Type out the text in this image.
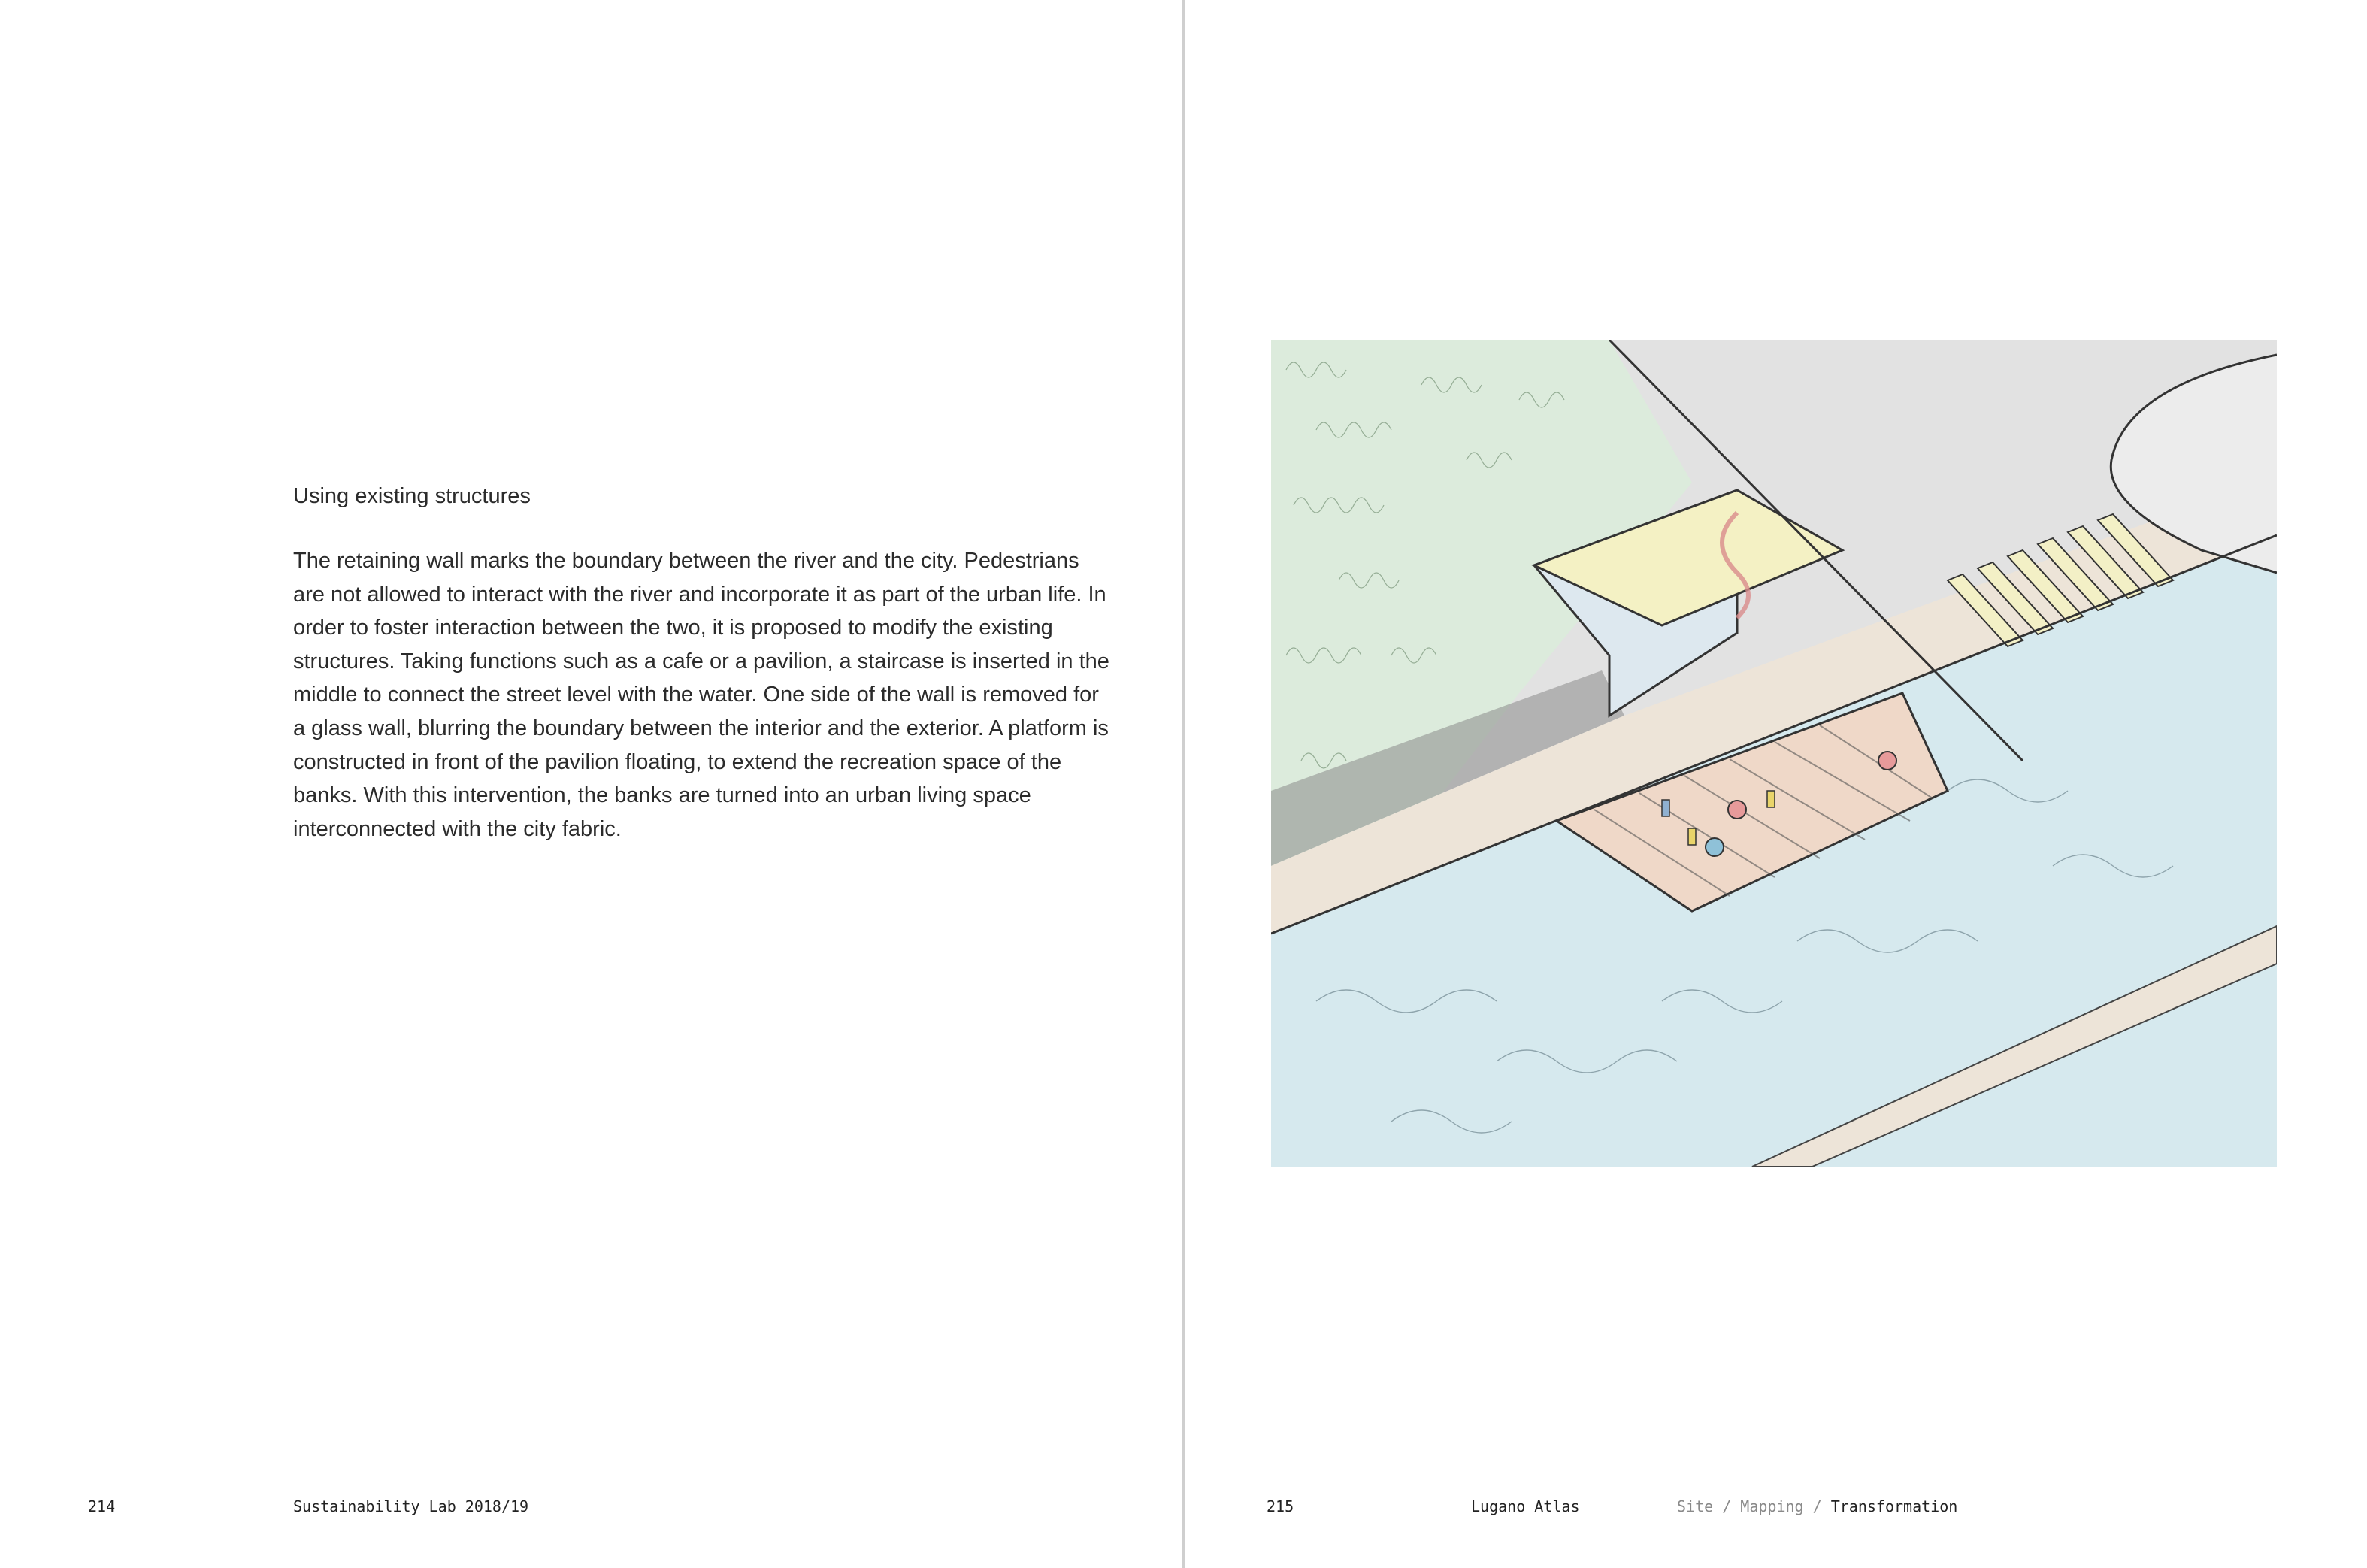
Using existing structures
The retaining wall marks the boundary between the river and the city. Pedestrians are not allowed to interact with the river and incorporate it as part of the urban life. In order to foster interaction between the two, it is proposed to modify the existing structures. Taking functions such as a cafe or a pavilion, a staircase is inserted in the middle to connect the street level with the water. One side of the wall is removed for a glass wall, blurring the boundary between the interior and the exterior. A platform is constructed in front of the pavilion floating, to extend the recreation space of the banks. With this intervention, the banks are turned into an urban living space interconnected with the city fabric.
214	Sustainability Lab 2018/19	215	Lugano Atlas	Site / Mapping / Transformation
